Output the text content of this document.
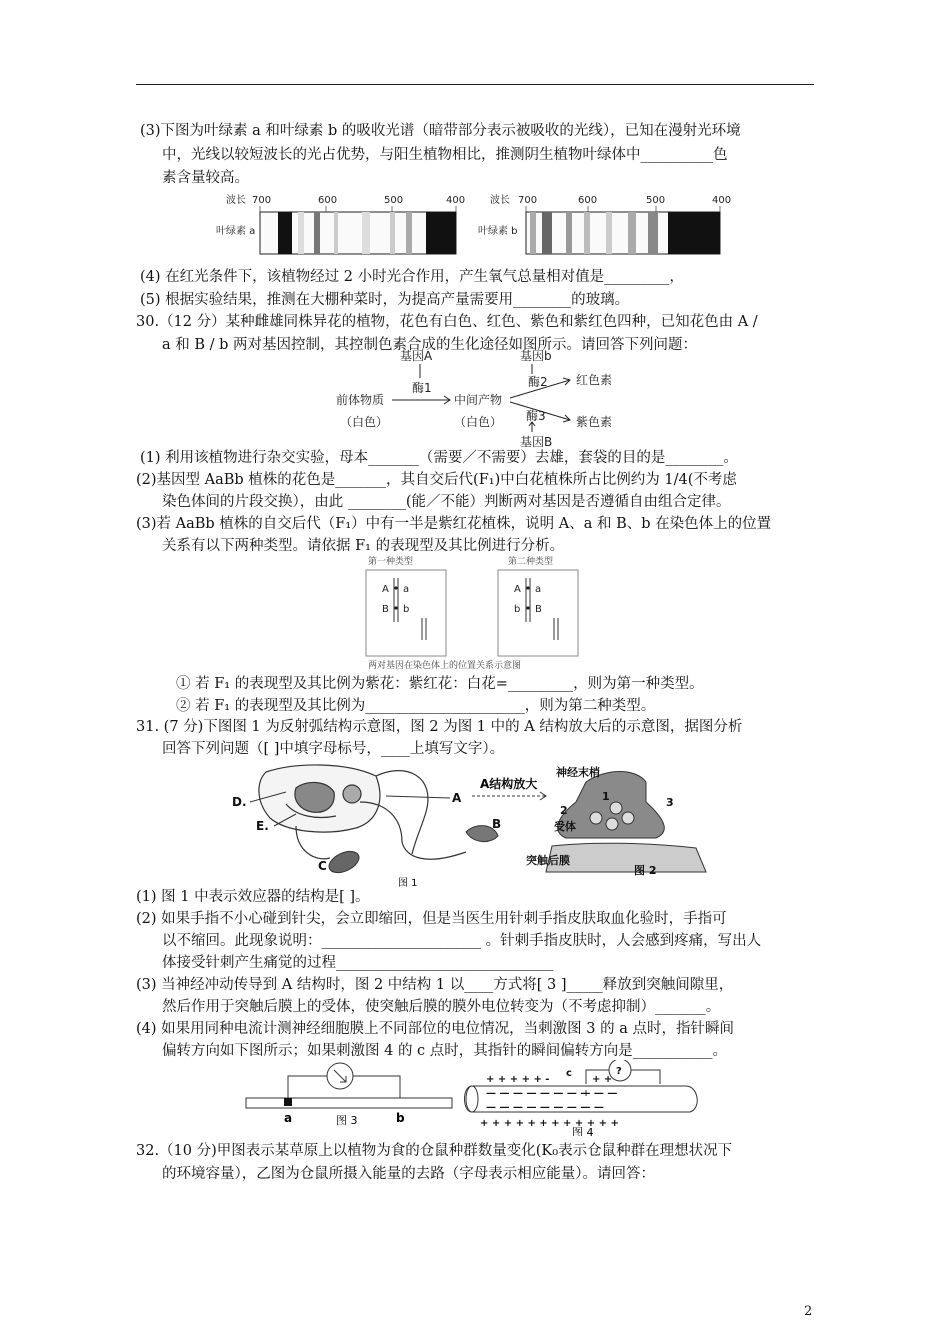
(3)下图为叶绿素 a 和叶绿素 b 的吸收光谱（暗带部分表示被吸收的光线），已知在漫射光环境
中，光线以较短波长的光占优势，与阳生植物相比，推测阴生植物叶绿体中__________色
素含量较高。
波长 700	600	500	400
叶绿素 a
波长 700	600	500	400
叶绿素 b
(4) 在红光条件下，该植物经过 2 小时光合作用，产生氧气总量相对值是_________，
(5) 根据实验结果，推测在大棚种菜时，为提高产量需要用________的玻璃。
30.（12 分）某种雌雄同株异花的植物，花色有白色、红色、紫色和紫红色四种，已知花色由 A /
a 和 B / b 两对基因控制，其控制色素合成的生化途径如图所示。请回答下列问题：
基因A	基因b
酶1	酶2
前体物质	中间产物
红色素
（白色）	（白色） 酶3	紫色素
基因B
(1) 利用该植物进行杂交实验，母本_______（需要／不需要）去雄，套袋的目的是________。
(2)基因型 AaBb 植株的花色是_______，其自交后代(F₁)中白花植株所占比例约为 1/4(不考虑
染色体间的片段交换），由此 ________(能／不能）判断两对基因是否遵循自由组合定律。
(3)若 AaBb 植株的自交后代（F₁）中有一半是紫红花植株，说明 A、a 和 B、b 在染色体上的位置
关系有以下两种类型。请依据 F₁ 的表现型及其比例进行分析。
第一种类型	第二种类型
两对基因在染色体上的位置关系示意图
A a
B b
A a
b B
① 若 F₁ 的表现型及其比例为紫花：紫红花：白花=_________，则为第一种类型。
② 若 F₁ 的表现型及其比例为______________________，则为第二种类型。
31. (7 分)下图图 1 为反射弧结构示意图，图 2 为图 1 中的 A 结构放大后的示意图，据图分析
回答下列问题（[ ]中填字母标号，____上填写文字）。
D.
E.
A
B
C
A结构放大
神经末梢
1
2
3
受体
突触后膜
图 2
图 1
(1) 图 1 中表示效应器的结构是[ ]。
(2) 如果手指不小心碰到针尖，会立即缩回，但是当医生用针刺手指皮肤取血化验时，手指可
以不缩回。此现象说明：______________________ 。针刺手指皮肤时，人会感到疼痛，写出人
体接受针刺产生痛觉的过程______________________________
(3) 当神经冲动传导到 A 结构时，图 2 中结构 1 以____方式将[ 3 ]_____释放到突触间隙里，
然后作用于突触后膜上的受体，使突触后膜的膜外电位转变为（不考虑抑制）_______。
(4) 如果用同种电流计测神经细胞膜上不同部位的电位情况，当刺激图 3 的 a 点时，指针瞬间
偏转方向如下图所示；如果刺激图 4 的 c 点时，其指针的瞬间偏转方向是___________。
a	b
图 3
?
c
+ + + + + -	+ +
— — — — — — — — — —
— — — — — — — — —
+ + + + + + + + + + + +
图 4
32.（10 分)甲图表示某草原上以植物为食的仓鼠种群数量变化(K₀表示仓鼠种群在理想状况下
的环境容量），乙图为仓鼠所摄入能量的去路（字母表示相应能量）。请回答：
2
